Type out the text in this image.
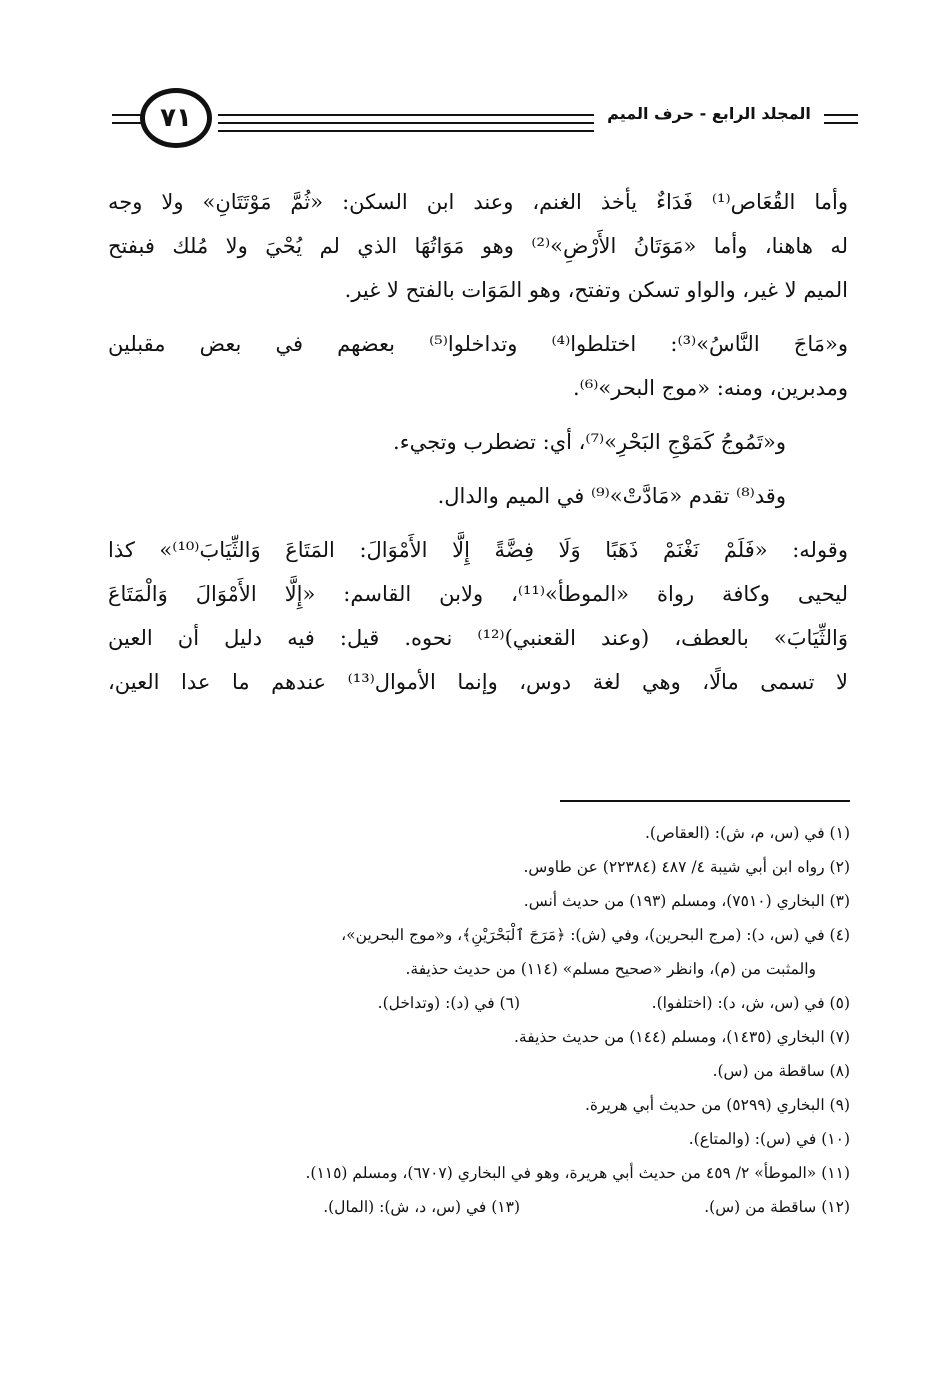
٧١	المجلد الرابع - حرف الميم
وأما القُعَاص⁽¹⁾ فَدَاءٌ يأخذ الغنم، وعند ابن السكن: «ثُمَّ مَوْتَتَانِ» ولا وجه
له هاهنا، وأما «مَوَتَانُ الأَرْضِ»⁽²⁾ وهو مَوَاتُهَا الذي لم يُحْيَ ولا مُلك فبفتح
الميم لا غير، والواو تسكن وتفتح، وهو المَوَات بالفتح لا غير.
و«مَاجَ النَّاسُ»⁽³⁾: اختلطوا⁽⁴⁾ وتداخلوا⁽⁵⁾ بعضهم في بعض مقبلين
ومدبرين، ومنه: «موج البحر»⁽⁶⁾.
و«تَمُوجُ كَمَوْجِ البَحْرِ»⁽⁷⁾، أي: تضطرب وتجيء.
وقد⁽⁸⁾ تقدم «مَادَّتْ»⁽⁹⁾ في الميم والدال.
وقوله: «فَلَمْ نَغْنَمْ ذَهَبًا وَلَا فِضَّةً إِلَّا الأَمْوَالَ: المَتَاعَ وَالثِّيَابَ⁽¹⁰⁾» كذا
ليحيى وكافة رواة «الموطأ»⁽¹¹⁾، ولابن القاسم: «إِلَّا الأَمْوَالَ وَالْمَتَاعَ
وَالثِّيَابَ» بالعطف، (وعند القعنبي)⁽¹²⁾ نحوه. قيل: فيه دليل أن العين
لا تسمى مالًا، وهي لغة دوس، وإنما الأموال⁽¹³⁾ عندهم ما عدا العين،
(١) في (س، م، ش): (العقاص).
(٢) رواه ابن أبي شيبة ٤/ ٤٨٧ (٢٢٣٨٤) عن طاوس.
(٣) البخاري (٧٥١٠)، ومسلم (١٩٣) من حديث أنس.
(٤) في (س، د): (مرج البحرين)، وفي (ش): ﴿مَرَجَ ٱلْبَحْرَيْنِ﴾، و«موج البحرين»،
والمثبت من (م)، وانظر «صحيح مسلم» (١١٤) من حديث حذيفة.
(٥) في (س، ش، د): (اختلفوا).
(٦) في (د): (وتداخل).
(٧) البخاري (١٤٣٥)، ومسلم (١٤٤) من حديث حذيفة.
(٨) ساقطة من (س).
(٩) البخاري (٥٢٩٩) من حديث أبي هريرة.
(١٠) في (س): (والمتاع).
(١١) «الموطأ» ٢/ ٤٥٩ من حديث أبي هريرة، وهو في البخاري (٦٧٠٧)، ومسلم (١١٥).
(١٢) ساقطة من (س).
(١٣) في (س، د، ش): (المال).
